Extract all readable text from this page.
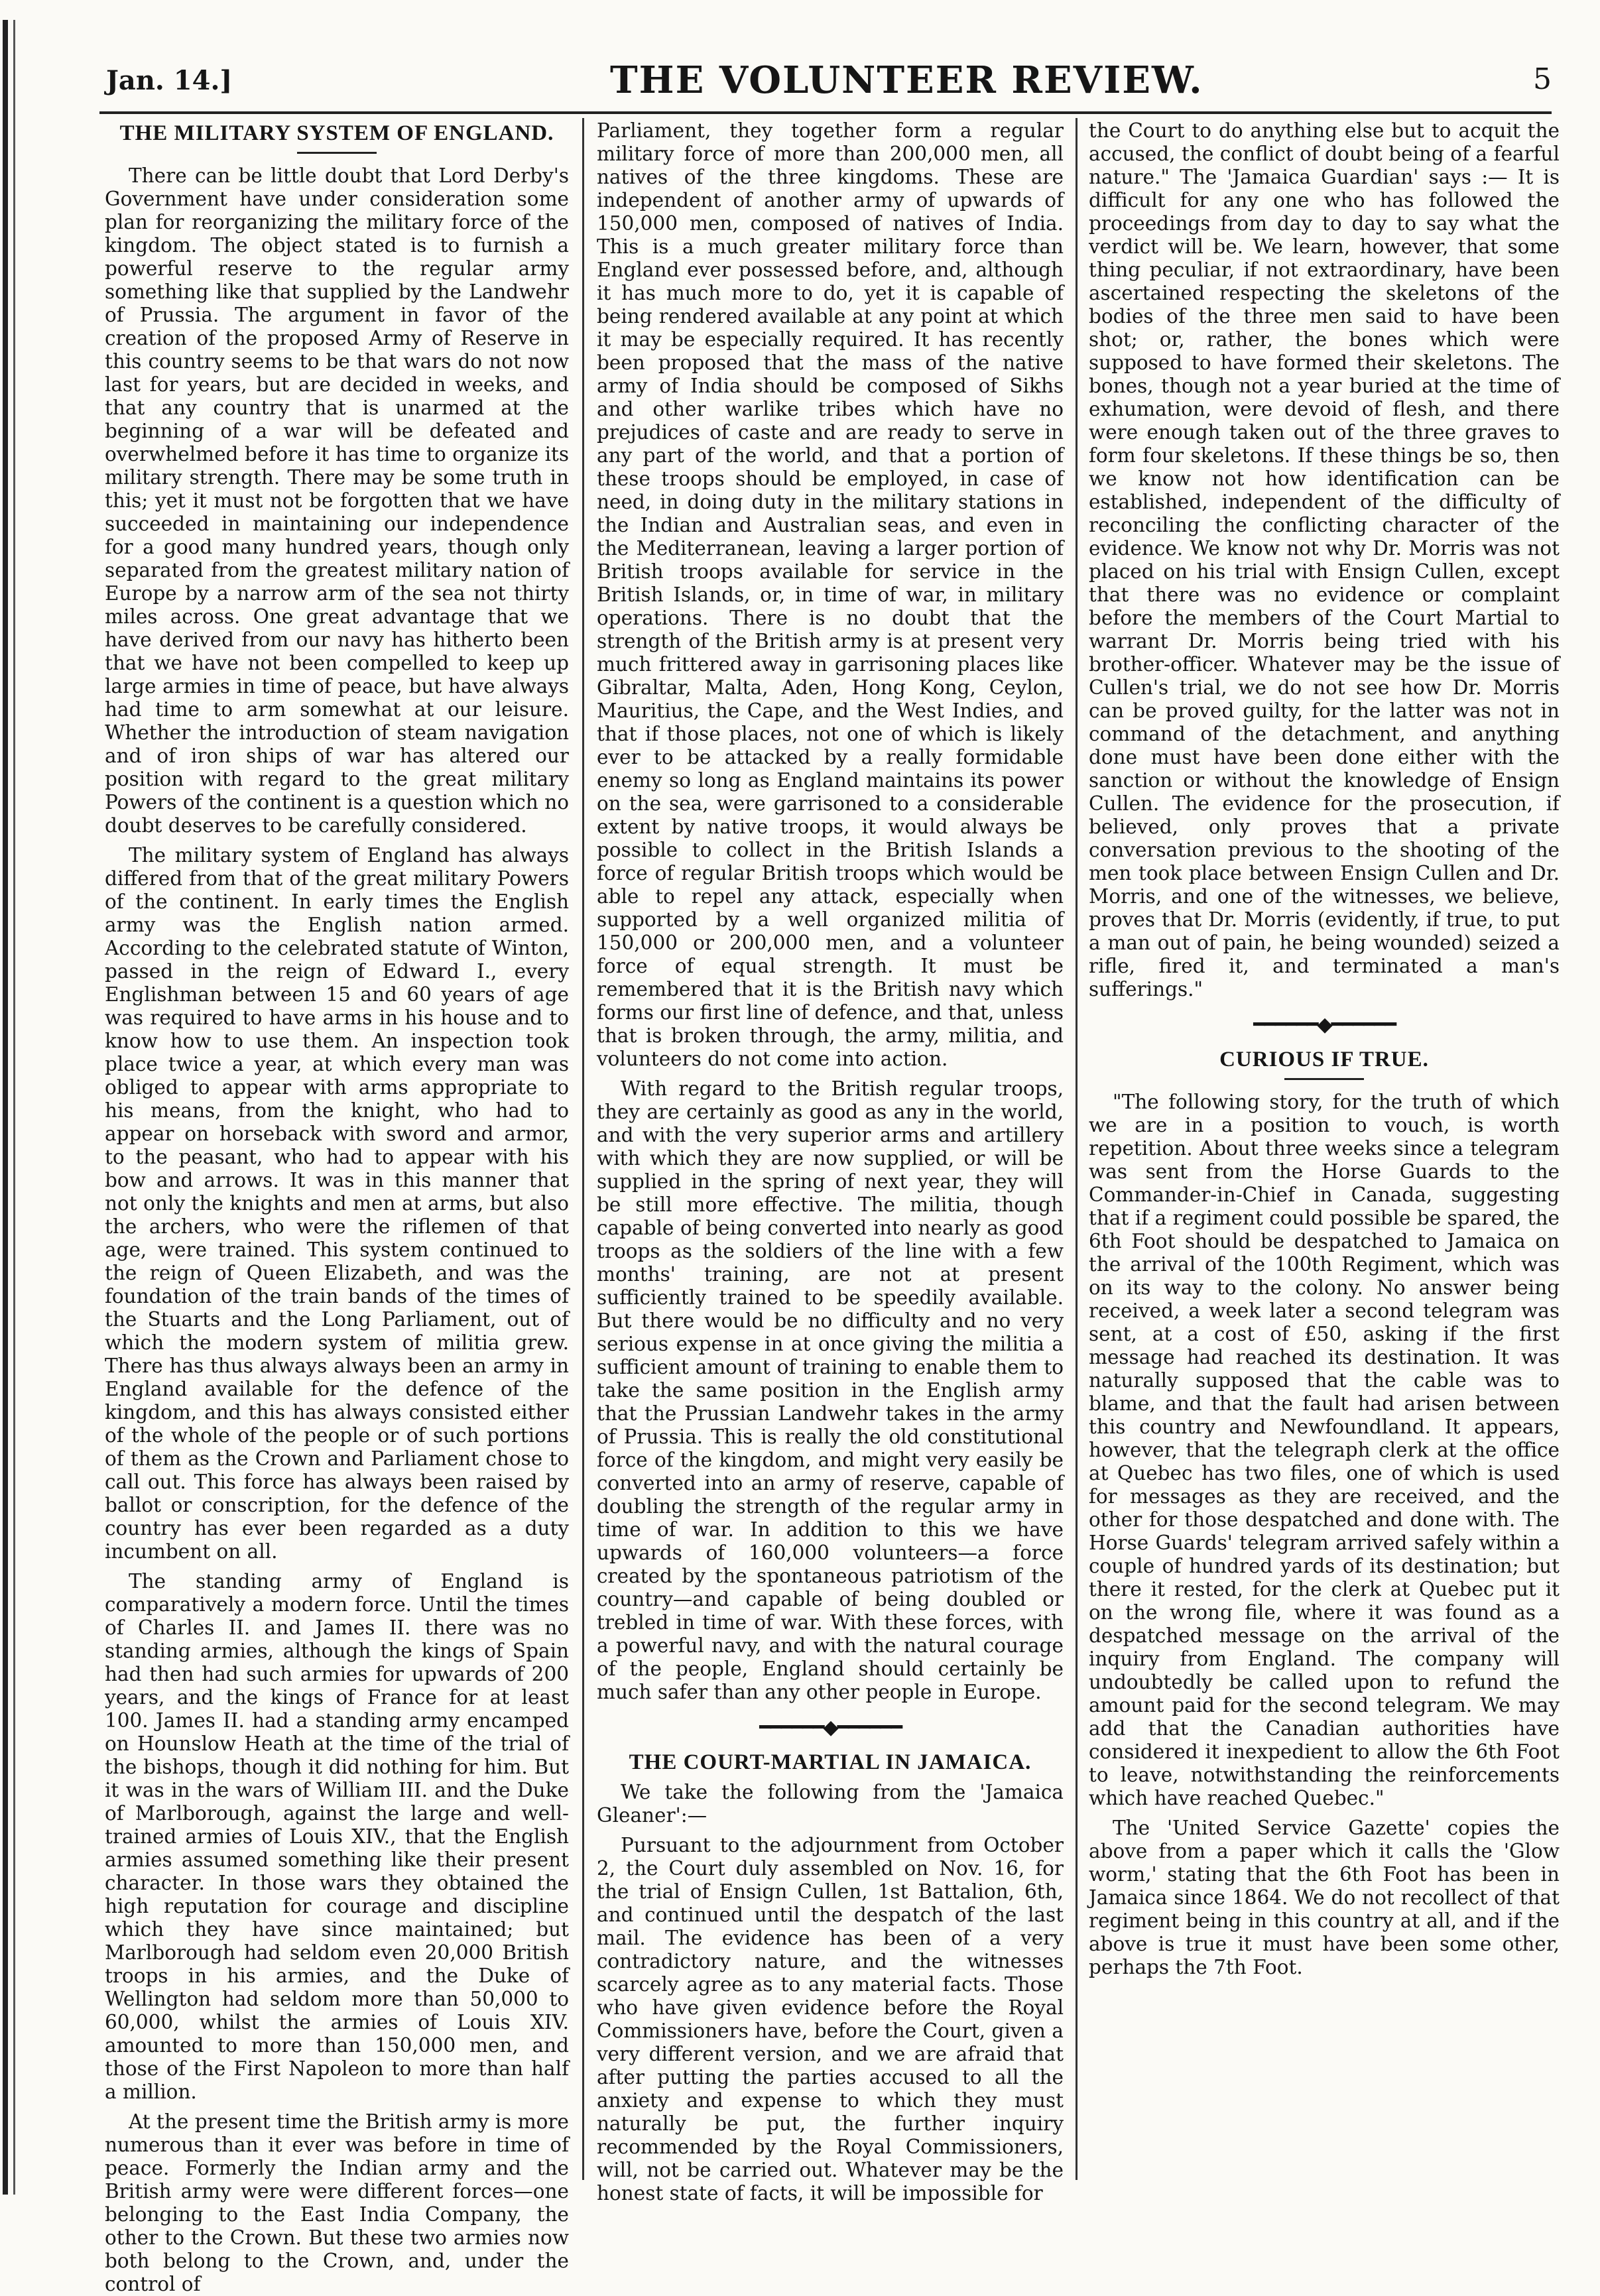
Jan. 14.]	THE VOLUNTEER REVIEW.	5
THE MILITARY SYSTEM OF ENGLAND.

There can be little doubt that Lord Derby's Government have under consideration some plan for reorganizing the military force of the kingdom. The object stated is to furnish a powerful reserve to the regular army something like that supplied by the Landwehr of Prussia. The argument in favor of the creation of the proposed Army of Reserve in this country seems to be that wars do not now last for years, but are decided in weeks, and that any country that is unarmed at the beginning of a war will be defeated and overwhelmed before it has time to organize its military strength. There may be some truth in this; yet it must not be forgotten that we have succeeded in maintaining our independence for a good many hundred years, though only separated from the greatest military nation of Europe by a narrow arm of the sea not thirty miles across. One great advantage that we have derived from our navy has hitherto been that we have not been compelled to keep up large armies in time of peace, but have always had time to arm somewhat at our leisure. Whether the introduction of steam navigation and of iron ships of war has altered our position with regard to the great military Powers of the continent is a question which no doubt deserves to be carefully considered.

The military system of England has always differed from that of the great military Powers of the continent. In early times the English army was the English nation armed. According to the celebrated statute of Winton, passed in the reign of Edward I., every Englishman between 15 and 60 years of age was required to have arms in his house and to know how to use them. An inspection took place twice a year, at which every man was obliged to appear with arms appropriate to his means, from the knight, who had to appear on horseback with sword and armor, to the peasant, who had to appear with his bow and arrows. It was in this manner that not only the knights and men at arms, but also the archers, who were the riflemen of that age, were trained. This system continued to the reign of Queen Elizabeth, and was the foundation of the train bands of the times of the Stuarts and the Long Parliament, out of which the modern system of militia grew. There has thus always always been an army in England available for the defence of the kingdom, and this has always consisted either of the whole of the people or of such portions of them as the Crown and Parliament chose to call out. This force has always been raised by ballot or conscription, for the defence of the country has ever been regarded as a duty incumbent on all.

The standing army of England is comparatively a modern force. Until the times of Charles II. and James II. there was no standing armies, although the kings of Spain had then had such armies for upwards of 200 years, and the kings of France for at least 100. James II. had a standing army encamped on Hounslow Heath at the time of the trial of the bishops, though it did nothing for him. But it was in the wars of William III. and the Duke of Marlborough, against the large and well-trained armies of Louis XIV., that the English armies assumed something like their present character. In those wars they obtained the high reputation for courage and discipline which they have since maintained; but Marlborough had seldom even 20,000 British troops in his armies, and the Duke of Wellington had seldom more than 50,000 to 60,000, whilst the armies of Louis XIV. amounted to more than 150,000 men, and those of the First Napoleon to more than half a million.

At the present time the British army is more numerous than it ever was before in time of peace. Formerly the Indian army and the British army were were different forces—one belonging to the East India Company, the other to the Crown. But these two armies now both belong to the Crown, and, under the control of

Parliament, they together form a regular military force of more than 200,000 men, all natives of the three kingdoms. These are independent of another army of upwards of 150,000 men, composed of natives of India. This is a much greater military force than England ever possessed before, and, although it has much more to do, yet it is capable of being rendered available at any point at which it may be especially required. It has recently been proposed that the mass of the native army of India should be composed of Sikhs and other warlike tribes which have no prejudices of caste and are ready to serve in any part of the world, and that a portion of these troops should be employed, in case of need, in doing duty in the military stations in the Indian and Australian seas, and even in the Mediterranean, leaving a larger portion of British troops available for service in the British Islands, or, in time of war, in military operations. There is no doubt that the strength of the British army is at present very much frittered away in garrisoning places like Gibraltar, Malta, Aden, Hong Kong, Ceylon, Mauritius, the Cape, and the West Indies, and that if those places, not one of which is likely ever to be attacked by a really formidable enemy so long as England maintains its power on the sea, were garrisoned to a considerable extent by native troops, it would always be possible to collect in the British Islands a force of regular British troops which would be able to repel any attack, especially when supported by a well organized militia of 150,000 or 200,000 men, and a volunteer force of equal strength. It must be remembered that it is the British navy which forms our first line of defence, and that, unless that is broken through, the army, militia, and volunteers do not come into action.

With regard to the British regular troops, they are certainly as good as any in the world, and with the very superior arms and artillery with which they are now supplied, or will be supplied in the spring of next year, they will be still more effective. The militia, though capable of being converted into nearly as good troops as the soldiers of the line with a few months' training, are not at present sufficiently trained to be speedily available. But there would be no difficulty and no very serious expense in at once giving the militia a sufficient amount of training to enable them to take the same position in the English army that the Prussian Landwehr takes in the army of Prussia. This is really the old constitutional force of the kingdom, and might very easily be converted into an army of reserve, capable of doubling the strength of the regular army in time of war. In addition to this we have upwards of 160,000 volunteers—a force created by the spontaneous patriotism of the country—and capable of being doubled or trebled in time of war. With these forces, with a powerful navy, and with the natural courage of the people, England should certainly be much safer than any other people in Europe.

━━━━━━◆━━━━━━
THE COURT-MARTIAL IN JAMAICA.

We take the following from the 'Jamaica Gleaner':—

Pursuant to the adjournment from October 2, the Court duly assembled on Nov. 16, for the trial of Ensign Cullen, 1st Battalion, 6th, and continued until the despatch of the last mail. The evidence has been of a very contradictory nature, and the witnesses scarcely agree as to any material facts. Those who have given evidence before the Royal Commissioners have, before the Court, given a very different version, and we are afraid that after putting the parties accused to all the anxiety and expense to which they must naturally be put, the further inquiry recommended by the Royal Commissioners, will, not be carried out. Whatever may be the honest state of facts, it will be impossible for

the Court to do anything else but to acquit the accused, the conflict of doubt being of a fearful nature." The 'Jamaica Guardian' says :— It is difficult for any one who has followed the proceedings from day to day to say what the verdict will be. We learn, however, that some thing peculiar, if not extraordinary, have been ascertained respecting the skeletons of the bodies of the three men said to have been shot; or, rather, the bones which were supposed to have formed their skeletons. The bones, though not a year buried at the time of exhumation, were devoid of flesh, and there were enough taken out of the three graves to form four skeletons. If these things be so, then we know not how identification can be established, independent of the difficulty of reconciling the conflicting character of the evidence. We know not why Dr. Morris was not placed on his trial with Ensign Cullen, except that there was no evidence or complaint before the members of the Court Martial to warrant Dr. Morris being tried with his brother-officer. Whatever may be the issue of Cullen's trial, we do not see how Dr. Morris can be proved guilty, for the latter was not in command of the detachment, and anything done must have been done either with the sanction or without the knowledge of Ensign Cullen. The evidence for the prosecution, if believed, only proves that a private conversation previous to the shooting of the men took place between Ensign Cullen and Dr. Morris, and one of the witnesses, we believe, proves that Dr. Morris (evidently, if true, to put a man out of pain, he being wounded) seized a rifle, fired it, and terminated a man's sufferings."

━━━━━━◆━━━━━━
CURIOUS IF TRUE.

"The following story, for the truth of which we are in a position to vouch, is worth repetition. About three weeks since a telegram was sent from the Horse Guards to the Commander-in-Chief in Canada, suggesting that if a regiment could possible be spared, the 6th Foot should be despatched to Jamaica on the arrival of the 100th Regiment, which was on its way to the colony. No answer being received, a week later a second telegram was sent, at a cost of £50, asking if the first message had reached its destination. It was naturally supposed that the cable was to blame, and that the fault had arisen between this country and Newfoundland. It appears, however, that the telegraph clerk at the office at Quebec has two files, one of which is used for messages as they are received, and the other for those despatched and done with. The Horse Guards' telegram arrived safely within a couple of hundred yards of its destination; but there it rested, for the clerk at Quebec put it on the wrong file, where it was found as a despatched message on the arrival of the inquiry from England. The company will undoubtedly be called upon to refund the amount paid for the second telegram. We may add that the Canadian authorities have considered it inexpedient to allow the 6th Foot to leave, notwithstanding the reinforcements which have reached Quebec."

The 'United Service Gazette' copies the above from a paper which it calls the 'Glow worm,' stating that the 6th Foot has been in Jamaica since 1864. We do not recollect of that regiment being in this country at all, and if the above is true it must have been some other, perhaps the 7th Foot.
